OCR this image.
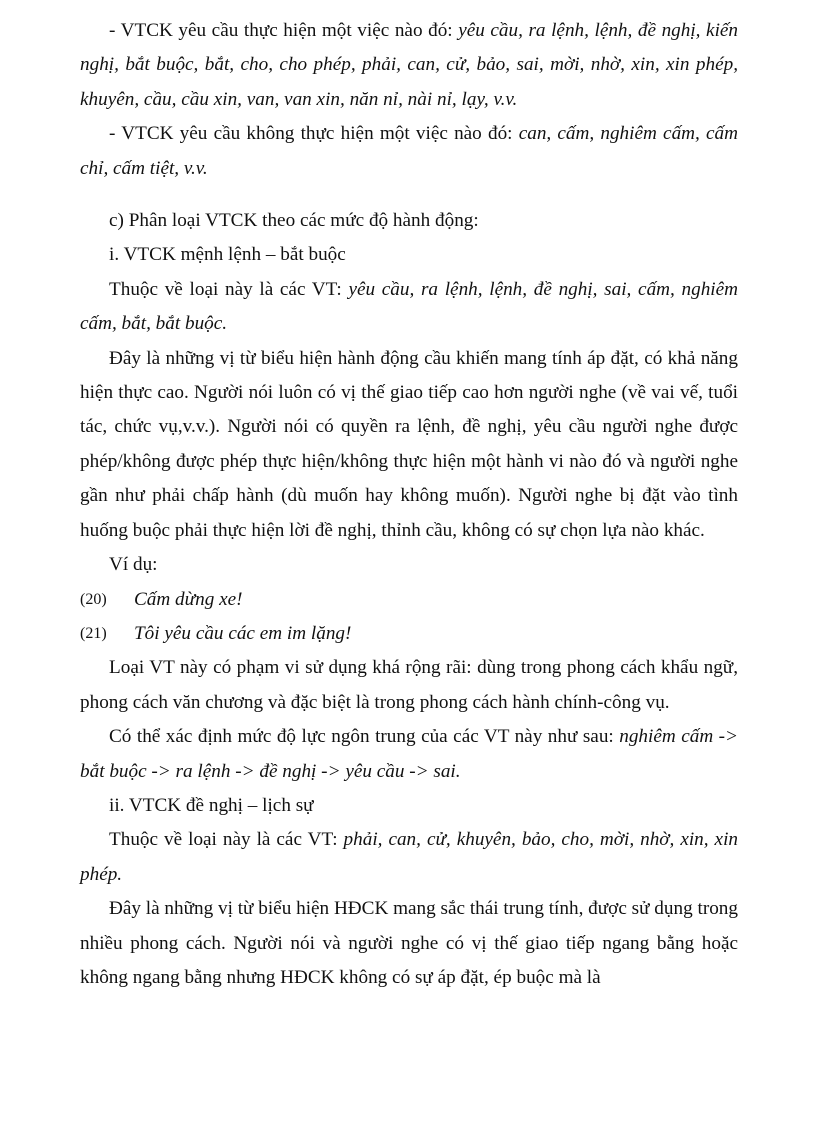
- VTCK yêu cầu thực hiện một việc nào đó: yêu cầu, ra lệnh, lệnh, đề nghị, kiến nghị, bắt buộc, bắt, cho, cho phép, phải, can, cử, bảo, sai, mời, nhờ, xin, xin phép, khuyên, cầu, cầu xin, van, van xin, năn nỉ, nài nỉ, lạy, v.v.

- VTCK yêu cầu không thực hiện một việc nào đó: can, cấm, nghiêm cấm, cấm chỉ, cấm tiệt, v.v.

c) Phân loại VTCK theo các mức độ hành động:

i. VTCK mệnh lệnh – bắt buộc

Thuộc về loại này là các VT: yêu cầu, ra lệnh, lệnh, đề nghị, sai, cấm, nghiêm cấm, bắt, bắt buộc.

Đây là những vị từ biểu hiện hành động cầu khiến mang tính áp đặt, có khả năng hiện thực cao. Người nói luôn có vị thế giao tiếp cao hơn người nghe (về vai vế, tuổi tác, chức vụ,v.v.). Người nói có quyền ra lệnh, đề nghị, yêu cầu người nghe được phép/không được phép thực hiện/không thực hiện một hành vi nào đó và người nghe gần như phải chấp hành (dù muốn hay không muốn). Người nghe bị đặt vào tình huống buộc phải thực hiện lời đề nghị, thỉnh cầu, không có sự chọn lựa nào khác.

Ví dụ:

(20)	Cấm dừng xe!
(21)	Tôi yêu cầu các em im lặng!

Loại VT này có phạm vi sử dụng khá rộng rãi: dùng trong phong cách khẩu ngữ, phong cách văn chương và đặc biệt là trong phong cách hành chính-công vụ.

Có thể xác định mức độ lực ngôn trung của các VT này như sau: nghiêm cấm -> bắt buộc -> ra lệnh -> đề nghị -> yêu cầu -> sai.

ii. VTCK đề nghị – lịch sự

Thuộc về loại này là các VT: phải, can, cử, khuyên, bảo, cho, mời, nhờ, xin, xin phép.

Đây là những vị từ biểu hiện HĐCK mang sắc thái trung tính, được sử dụng trong nhiều phong cách. Người nói và người nghe có vị thế giao tiếp ngang bằng hoặc không ngang bằng nhưng HĐCK không có sự áp đặt, ép buộc mà là
